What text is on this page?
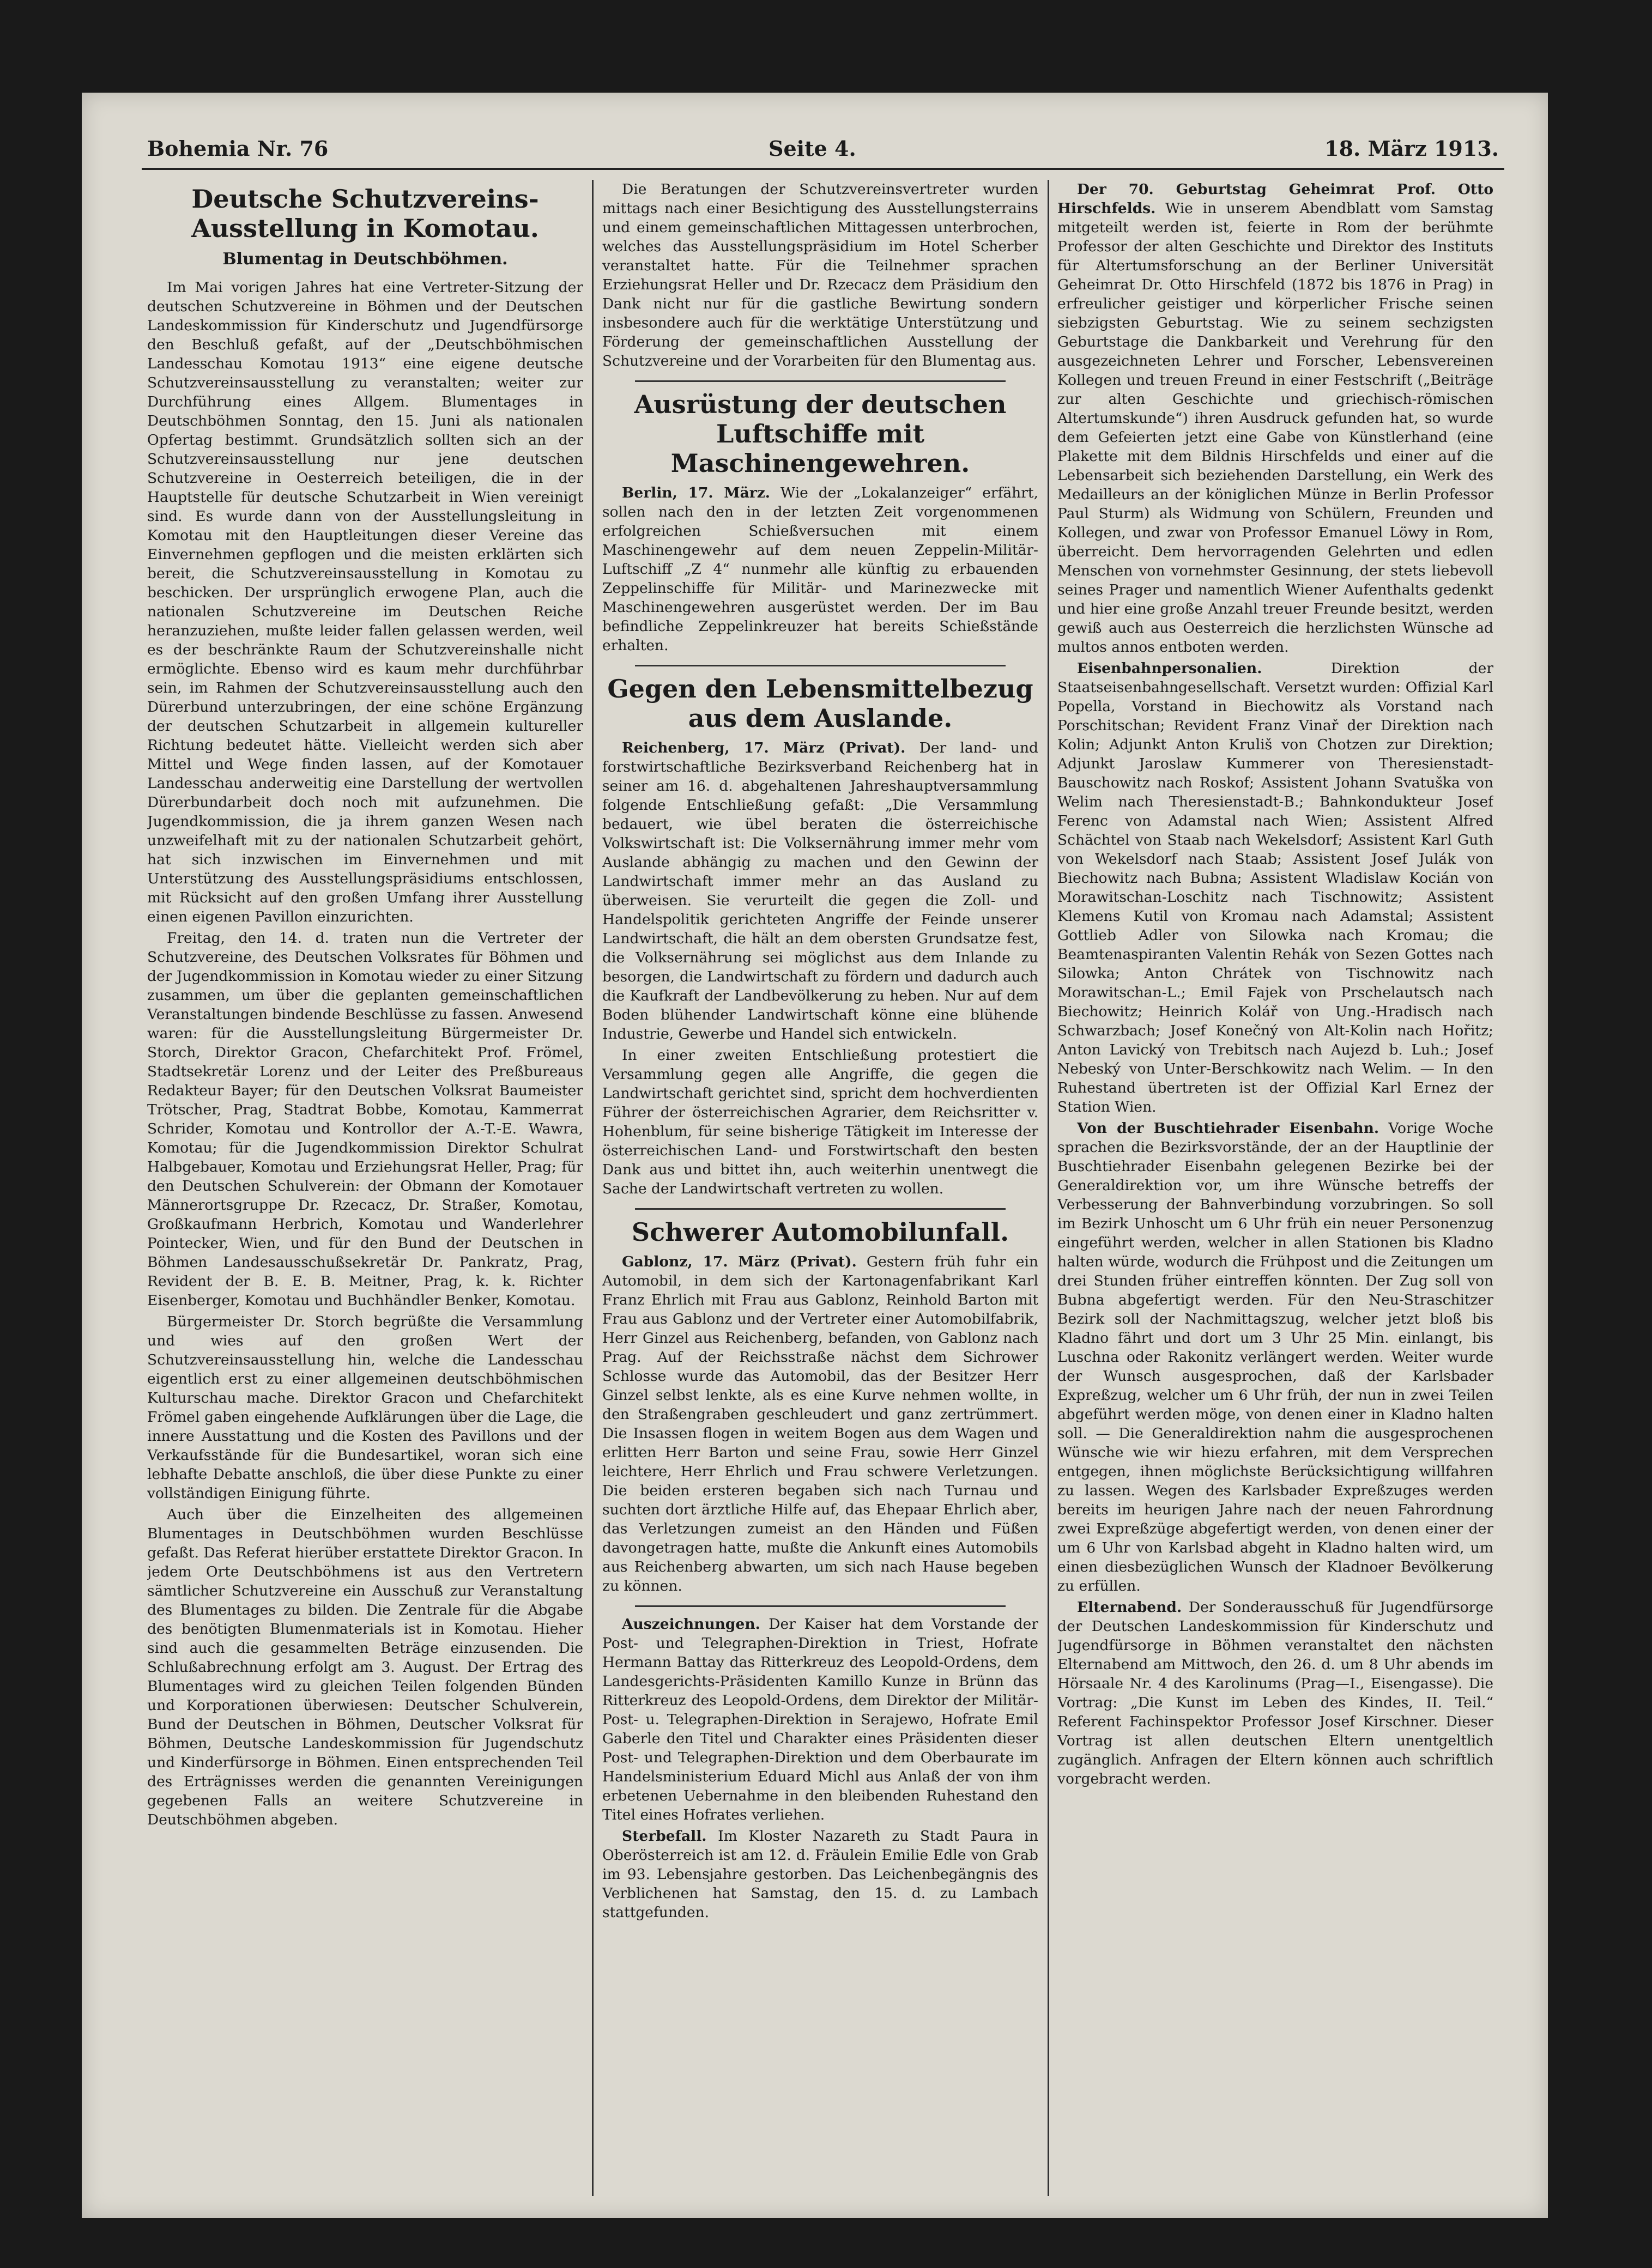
Bohemia Nr. 76	Seite 4.	18. März 1913.
Deutsche Schutzvereins-Ausstellung in Komotau.
Blumentag in Deutschböhmen.

Im Mai vorigen Jahres hat eine Vertreter-Sitzung der deutschen Schutzvereine in Böhmen und der Deutschen Landeskommission für Kinderschutz und Jugendfürsorge den Beschluß gefaßt, auf der „Deutschböhmischen Landesschau Komotau 1913“ eine eigene deutsche Schutzvereinsausstellung zu veranstalten; weiter zur Durchführung eines Allgem. Blumentages in Deutschböhmen Sonntag, den 15. Juni als nationalen Opfertag bestimmt. Grundsätzlich sollten sich an der Schutzvereinsausstellung nur jene deutschen Schutzvereine in Oesterreich beteiligen, die in der Hauptstelle für deutsche Schutzarbeit in Wien vereinigt sind. Es wurde dann von der Ausstellungsleitung in Komotau mit den Hauptleitungen dieser Vereine das Einvernehmen gepflogen und die meisten erklärten sich bereit, die Schutzvereinsausstellung in Komotau zu beschicken. Der ursprünglich erwogene Plan, auch die nationalen Schutzvereine im Deutschen Reiche heranzuziehen, mußte leider fallen gelassen werden, weil es der beschränkte Raum der Schutzvereinshalle nicht ermöglichte. Ebenso wird es kaum mehr durchführbar sein, im Rahmen der Schutzvereinsausstellung auch den Dürerbund unterzubringen, der eine schöne Ergänzung der deutschen Schutzarbeit in allgemein kultureller Richtung bedeutet hätte. Vielleicht werden sich aber Mittel und Wege finden lassen, auf der Komotauer Landesschau anderweitig eine Darstellung der wertvollen Dürerbundarbeit doch noch mit aufzunehmen. Die Jugendkommission, die ja ihrem ganzen Wesen nach unzweifelhaft mit zu der nationalen Schutzarbeit gehört, hat sich inzwischen im Einvernehmen und mit Unterstützung des Ausstellungspräsidiums entschlossen, mit Rücksicht auf den großen Umfang ihrer Ausstellung einen eigenen Pavillon einzurichten.

Freitag, den 14. d. traten nun die Vertreter der Schutzvereine, des Deutschen Volksrates für Böhmen und der Jugendkommission in Komotau wieder zu einer Sitzung zusammen, um über die geplanten gemeinschaftlichen Veranstaltungen bindende Beschlüsse zu fassen. Anwesend waren: für die Ausstellungsleitung Bürgermeister Dr. Storch, Direktor Gracon, Chefarchitekt Prof. Frömel, Stadtsekretär Lorenz und der Leiter des Preßbureaus Redakteur Bayer; für den Deutschen Volksrat Baumeister Trötscher, Prag, Stadtrat Bobbe, Komotau, Kammerrat Schrider, Komotau und Kontrollor der A.-T.-E. Wawra, Komotau; für die Jugendkommission Direktor Schulrat Halbgebauer, Komotau und Erziehungsrat Heller, Prag; für den Deutschen Schulverein: der Obmann der Komotauer Männerortsgruppe Dr. Rzecacz, Dr. Straßer, Komotau, Großkaufmann Herbrich, Komotau und Wanderlehrer Pointecker, Wien, und für den Bund der Deutschen in Böhmen Landesausschußsekretär Dr. Pankratz, Prag, Revident der B. E. B. Meitner, Prag, k. k. Richter Eisenberger, Komotau und Buchhändler Benker, Komotau.

Bürgermeister Dr. Storch begrüßte die Versammlung und wies auf den großen Wert der Schutzvereinsausstellung hin, welche die Landesschau eigentlich erst zu einer allgemeinen deutschböhmischen Kulturschau mache. Direktor Gracon und Chefarchitekt Frömel gaben eingehende Aufklärungen über die Lage, die innere Ausstattung und die Kosten des Pavillons und der Verkaufsstände für die Bundesartikel, woran sich eine lebhafte Debatte anschloß, die über diese Punkte zu einer vollständigen Einigung führte.

Auch über die Einzelheiten des allgemeinen Blumentages in Deutschböhmen wurden Beschlüsse gefaßt. Das Referat hierüber erstattete Direktor Gracon. In jedem Orte Deutschböhmens ist aus den Vertretern sämtlicher Schutzvereine ein Ausschuß zur Veranstaltung des Blumentages zu bilden. Die Zentrale für die Abgabe des benötigten Blumenmaterials ist in Komotau. Hieher sind auch die gesammelten Beträge einzusenden. Die Schlußabrechnung erfolgt am 3. August. Der Ertrag des Blumentages wird zu gleichen Teilen folgenden Bünden und Korporationen überwiesen: Deutscher Schulverein, Bund der Deutschen in Böhmen, Deutscher Volksrat für Böhmen, Deutsche Landeskommission für Jugendschutz und Kinderfürsorge in Böhmen. Einen entsprechenden Teil des Erträgnisses werden die genannten Vereinigungen gegebenen Falls an weitere Schutzvereine in Deutschböhmen abgeben.

Die Beratungen der Schutzvereinsvertreter wurden mittags nach einer Besichtigung des Ausstellungsterrains und einem gemeinschaftlichen Mittagessen unterbrochen, welches das Ausstellungspräsidium im Hotel Scherber veranstaltet hatte. Für die Teilnehmer sprachen Erziehungsrat Heller und Dr. Rzecacz dem Präsidium den Dank nicht nur für die gastliche Bewirtung sondern insbesondere auch für die werktätige Unterstützung und Förderung der gemeinschaftlichen Ausstellung der Schutzvereine und der Vorarbeiten für den Blumentag aus.

Ausrüstung der deutschen Luftschiffe mit Maschinengewehren.

Berlin, 17. März. Wie der „Lokalanzeiger“ erfährt, sollen nach den in der letzten Zeit vorgenommenen erfolgreichen Schießversuchen mit einem Maschinengewehr auf dem neuen Zeppelin-Militär-Luftschiff „Z 4“ nunmehr alle künftig zu erbauenden Zeppelinschiffe für Militär- und Marinezwecke mit Maschinengewehren ausgerüstet werden. Der im Bau befindliche Zeppelinkreuzer hat bereits Schießstände erhalten.

Gegen den Lebensmittelbezug aus dem Auslande.

Reichenberg, 17. März (Privat). Der land- und forstwirtschaftliche Bezirksverband Reichenberg hat in seiner am 16. d. abgehaltenen Jahreshauptversammlung folgende Entschließung gefaßt: „Die Versammlung bedauert, wie übel beraten die österreichische Volkswirtschaft ist: Die Volksernährung immer mehr vom Auslande abhängig zu machen und den Gewinn der Landwirtschaft immer mehr an das Ausland zu überweisen. Sie verurteilt die gegen die Zoll- und Handelspolitik gerichteten Angriffe der Feinde unserer Landwirtschaft, die hält an dem obersten Grundsatze fest, die Volksernährung sei möglichst aus dem Inlande zu besorgen, die Landwirtschaft zu fördern und dadurch auch die Kaufkraft der Landbevölkerung zu heben. Nur auf dem Boden blühender Landwirtschaft könne eine blühende Industrie, Gewerbe und Handel sich entwickeln.

In einer zweiten Entschließung protestiert die Versammlung gegen alle Angriffe, die gegen die Landwirtschaft gerichtet sind, spricht dem hochverdienten Führer der österreichischen Agrarier, dem Reichsritter v. Hohenblum, für seine bisherige Tätigkeit im Interesse der österreichischen Land- und Forstwirtschaft den besten Dank aus und bittet ihn, auch weiterhin unentwegt die Sache der Landwirtschaft vertreten zu wollen.

Schwerer Automobilunfall.

Gablonz, 17. März (Privat). Gestern früh fuhr ein Automobil, in dem sich der Kartonagenfabrikant Karl Franz Ehrlich mit Frau aus Gablonz, Reinhold Barton mit Frau aus Gablonz und der Vertreter einer Automobilfabrik, Herr Ginzel aus Reichenberg, befanden, von Gablonz nach Prag. Auf der Reichsstraße nächst dem Sichrower Schlosse wurde das Automobil, das der Besitzer Herr Ginzel selbst lenkte, als es eine Kurve nehmen wollte, in den Straßengraben geschleudert und ganz zertrümmert. Die Insassen flogen in weitem Bogen aus dem Wagen und erlitten Herr Barton und seine Frau, sowie Herr Ginzel leichtere, Herr Ehrlich und Frau schwere Verletzungen. Die beiden ersteren begaben sich nach Turnau und suchten dort ärztliche Hilfe auf, das Ehepaar Ehrlich aber, das Verletzungen zumeist an den Händen und Füßen davongetragen hatte, mußte die Ankunft eines Automobils aus Reichenberg abwarten, um sich nach Hause begeben zu können.

Auszeichnungen. Der Kaiser hat dem Vorstande der Post- und Telegraphen-Direktion in Triest, Hofrate Hermann Battay das Ritterkreuz des Leopold-Ordens, dem Landesgerichts-Präsidenten Kamillo Kunze in Brünn das Ritterkreuz des Leopold-Ordens, dem Direktor der Militär-Post- u. Telegraphen-Direktion in Serajewo, Hofrate Emil Gaberle den Titel und Charakter eines Präsidenten dieser Post- und Telegraphen-Direktion und dem Oberbaurate im Handelsministerium Eduard Michl aus Anlaß der von ihm erbetenen Uebernahme in den bleibenden Ruhestand den Titel eines Hofrates verliehen.

Sterbefall. Im Kloster Nazareth zu Stadt Paura in Oberösterreich ist am 12. d. Fräulein Emilie Edle von Grab im 93. Lebensjahre gestorben. Das Leichenbegängnis des Verblichenen hat Samstag, den 15. d. zu Lambach stattgefunden.

Der 70. Geburtstag Geheimrat Prof. Otto Hirschfelds. Wie in unserem Abendblatt vom Samstag mitgeteilt werden ist, feierte in Rom der berühmte Professor der alten Geschichte und Direktor des Instituts für Altertumsforschung an der Berliner Universität Geheimrat Dr. Otto Hirschfeld (1872 bis 1876 in Prag) in erfreulicher geistiger und körperlicher Frische seinen siebzigsten Geburtstag. Wie zu seinem sechzigsten Geburtstage die Dankbarkeit und Verehrung für den ausgezeichneten Lehrer und Forscher, Lebensvereinen Kollegen und treuen Freund in einer Festschrift („Beiträge zur alten Geschichte und griechisch-römischen Altertumskunde“) ihren Ausdruck gefunden hat, so wurde dem Gefeierten jetzt eine Gabe von Künstlerhand (eine Plakette mit dem Bildnis Hirschfelds und einer auf die Lebensarbeit sich beziehenden Darstellung, ein Werk des Medailleurs an der königlichen Münze in Berlin Professor Paul Sturm) als Widmung von Schülern, Freunden und Kollegen, und zwar von Professor Emanuel Löwy in Rom, überreicht. Dem hervorragenden Gelehrten und edlen Menschen von vornehmster Gesinnung, der stets liebevoll seines Prager und namentlich Wiener Aufenthalts gedenkt und hier eine große Anzahl treuer Freunde besitzt, werden gewiß auch aus Oesterreich die herzlichsten Wünsche ad multos annos entboten werden.

Eisenbahnpersonalien. Direktion der Staatseisenbahngesellschaft. Versetzt wurden: Offizial Karl Popella, Vorstand in Biechowitz als Vorstand nach Porschitschan; Revident Franz Vinař der Direktion nach Kolin; Adjunkt Anton Kruliš von Chotzen zur Direktion; Adjunkt Jaroslaw Kummerer von Theresienstadt-Bauschowitz nach Roskof; Assistent Johann Svatuška von Welim nach Theresienstadt-B.; Bahnkondukteur Josef Ferenc von Adamstal nach Wien; Assistent Alfred Schächtel von Staab nach Wekelsdorf; Assistent Karl Guth von Wekelsdorf nach Staab; Assistent Josef Julák von Biechowitz nach Bubna; Assistent Wladislaw Kocián von Morawitschan-Loschitz nach Tischnowitz; Assistent Klemens Kutil von Kromau nach Adamstal; Assistent Gottlieb Adler von Silowka nach Kromau; die Beamtenaspiranten Valentin Rehák von Sezen Gottes nach Silowka; Anton Chrátek von Tischnowitz nach Morawitschan-L.; Emil Fajek von Prschelautsch nach Biechowitz; Heinrich Kolář von Ung.-Hradisch nach Schwarzbach; Josef Konečný von Alt-Kolin nach Hořitz; Anton Lavický von Trebitsch nach Aujezd b. Luh.; Josef Nebeský von Unter-Berschkowitz nach Welim. — In den Ruhestand übertreten ist der Offizial Karl Ernez der Station Wien.

Von der Buschtiehrader Eisenbahn. Vorige Woche sprachen die Bezirksvorstände, der an der Hauptlinie der Buschtiehrader Eisenbahn gelegenen Bezirke bei der Generaldirektion vor, um ihre Wünsche betreffs der Verbesserung der Bahnverbindung vorzubringen. So soll im Bezirk Unhoscht um 6 Uhr früh ein neuer Personenzug eingeführt werden, welcher in allen Stationen bis Kladno halten würde, wodurch die Frühpost und die Zeitungen um drei Stunden früher eintreffen könnten. Der Zug soll von Bubna abgefertigt werden. Für den Neu-Straschitzer Bezirk soll der Nachmittagszug, welcher jetzt bloß bis Kladno fährt und dort um 3 Uhr 25 Min. einlangt, bis Luschna oder Rakonitz verlängert werden. Weiter wurde der Wunsch ausgesprochen, daß der Karlsbader Expreßzug, welcher um 6 Uhr früh, der nun in zwei Teilen abgeführt werden möge, von denen einer in Kladno halten soll. — Die Generaldirektion nahm die ausgesprochenen Wünsche wie wir hiezu erfahren, mit dem Versprechen entgegen, ihnen möglichste Berücksichtigung willfahren zu lassen. Wegen des Karlsbader Expreßzuges werden bereits im heurigen Jahre nach der neuen Fahrordnung zwei Expreßzüge abgefertigt werden, von denen einer der um 6 Uhr von Karlsbad abgeht in Kladno halten wird, um einen diesbezüglichen Wunsch der Kladnoer Bevölkerung zu erfüllen.

Elternabend. Der Sonderausschuß für Jugendfürsorge der Deutschen Landeskommission für Kinderschutz und Jugendfürsorge in Böhmen veranstaltet den nächsten Elternabend am Mittwoch, den 26. d. um 8 Uhr abends im Hörsaale Nr. 4 des Karolinums (Prag—I., Eisengasse). Die Vortrag: „Die Kunst im Leben des Kindes, II. Teil.“ Referent Fachinspektor Professor Josef Kirschner. Dieser Vortrag ist allen deutschen Eltern unentgeltlich zugänglich. Anfragen der Eltern können auch schriftlich vorgebracht werden.
